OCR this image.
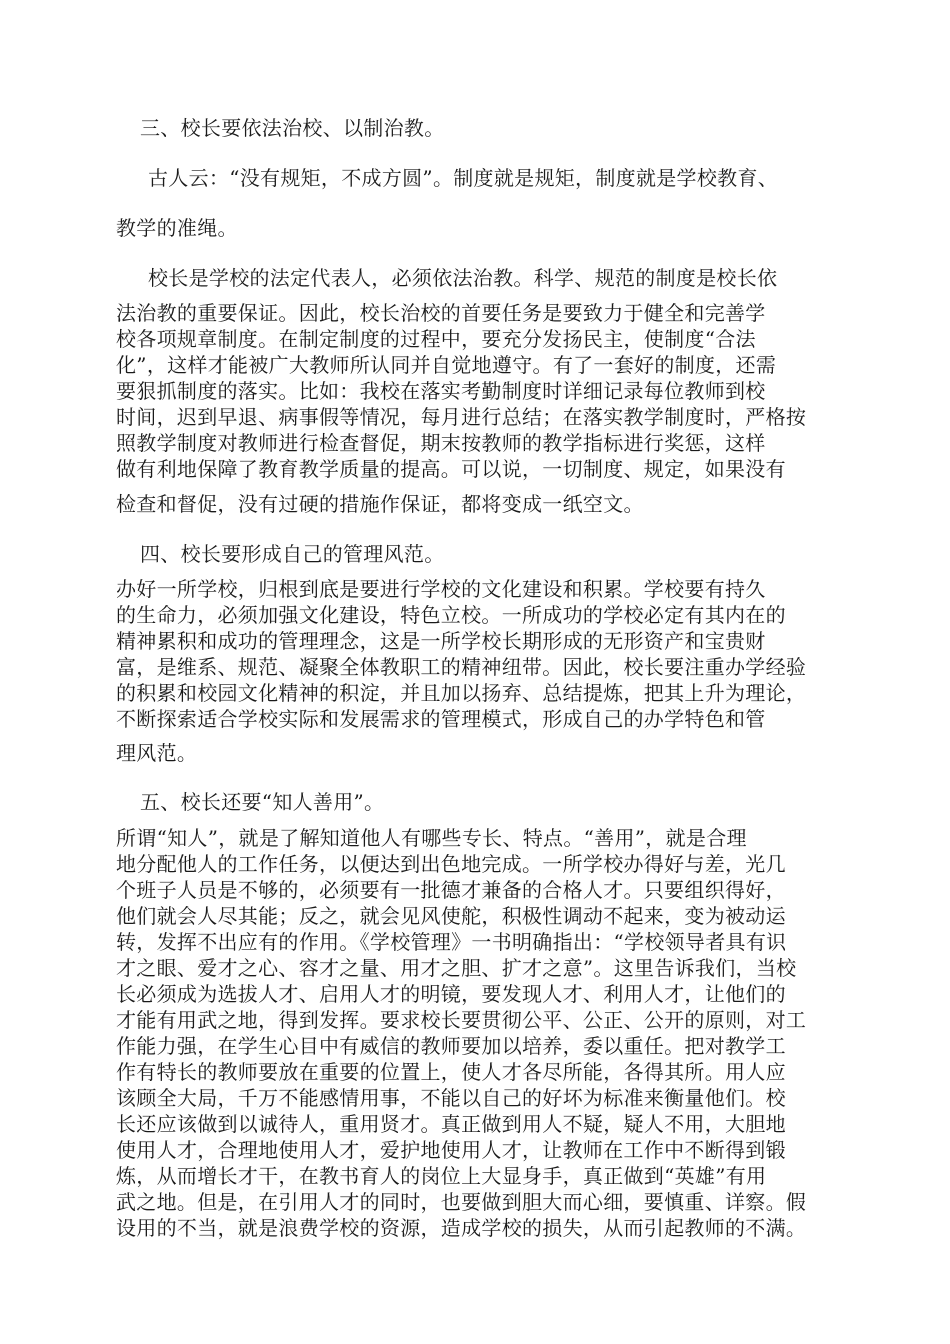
三、校长要依法治校、以制治教。
古人云：“没有规矩，不成方圆”。制度就是规矩，制度就是学校教育、
教学的准绳。
校长是学校的法定代表人，必须依法治教。科学、规范的制度是校长依
法治教的重要保证。因此，校长治校的首要任务是要致力于健全和完善学
校各项规章制度。在制定制度的过程中，要充分发扬民主，使制度“合法
化”，这样才能被广大教师所认同并自觉地遵守。有了一套好的制度，还需
要狠抓制度的落实。比如：我校在落实考勤制度时详细记录每位教师到校
时间，迟到早退、病事假等情况，每月进行总结；在落实教学制度时，严格按
照教学制度对教师进行检查督促，期末按教师的教学指标进行奖惩，这样
做有利地保障了教育教学质量的提高。可以说，一切制度、规定，如果没有
检查和督促，没有过硬的措施作保证，都将变成一纸空文。
四、校长要形成自己的管理风范。
办好一所学校，归根到底是要进行学校的文化建设和积累。学校要有持久
的生命力，必须加强文化建设，特色立校。一所成功的学校必定有其内在的
精神累积和成功的管理理念，这是一所学校长期形成的无形资产和宝贵财
富，是维系、规范、凝聚全体教职工的精神纽带。因此，校长要注重办学经验
的积累和校园文化精神的积淀，并且加以扬弃、总结提炼，把其上升为理论，
不断探索适合学校实际和发展需求的管理模式，形成自己的办学特色和管
理风范。
五、校长还要“知人善用”。
所谓“知人”，就是了解知道他人有哪些专长、特点。“善用”，就是合理
地分配他人的工作任务，以便达到出色地完成。一所学校办得好与差，光几
个班子人员是不够的，必须要有一批德才兼备的合格人才。只要组织得好，
他们就会人尽其能；反之，就会见风使舵，积极性调动不起来，变为被动运
转，发挥不出应有的作用。《学校管理》一书明确指出：“学校领导者具有识
才之眼、爱才之心、容才之量、用才之胆、扩才之意”。这里告诉我们，当校
长必须成为选拔人才、启用人才的明镜，要发现人才、利用人才，让他们的
才能有用武之地，得到发挥。要求校长要贯彻公平、公正、公开的原则，对工
作能力强，在学生心目中有威信的教师要加以培养，委以重任。把对教学工
作有特长的教师要放在重要的位置上，使人才各尽所能，各得其所。用人应
该顾全大局，千万不能感情用事，不能以自己的好坏为标准来衡量他们。校
长还应该做到以诚待人，重用贤才。真正做到用人不疑，疑人不用，大胆地
使用人才，合理地使用人才，爱护地使用人才，让教师在工作中不断得到锻
炼，从而增长才干，在教书育人的岗位上大显身手，真正做到“英雄”有用
武之地。但是，在引用人才的同时，也要做到胆大而心细，要慎重、详察。假
设用的不当，就是浪费学校的资源，造成学校的损失，从而引起教师的不满。
